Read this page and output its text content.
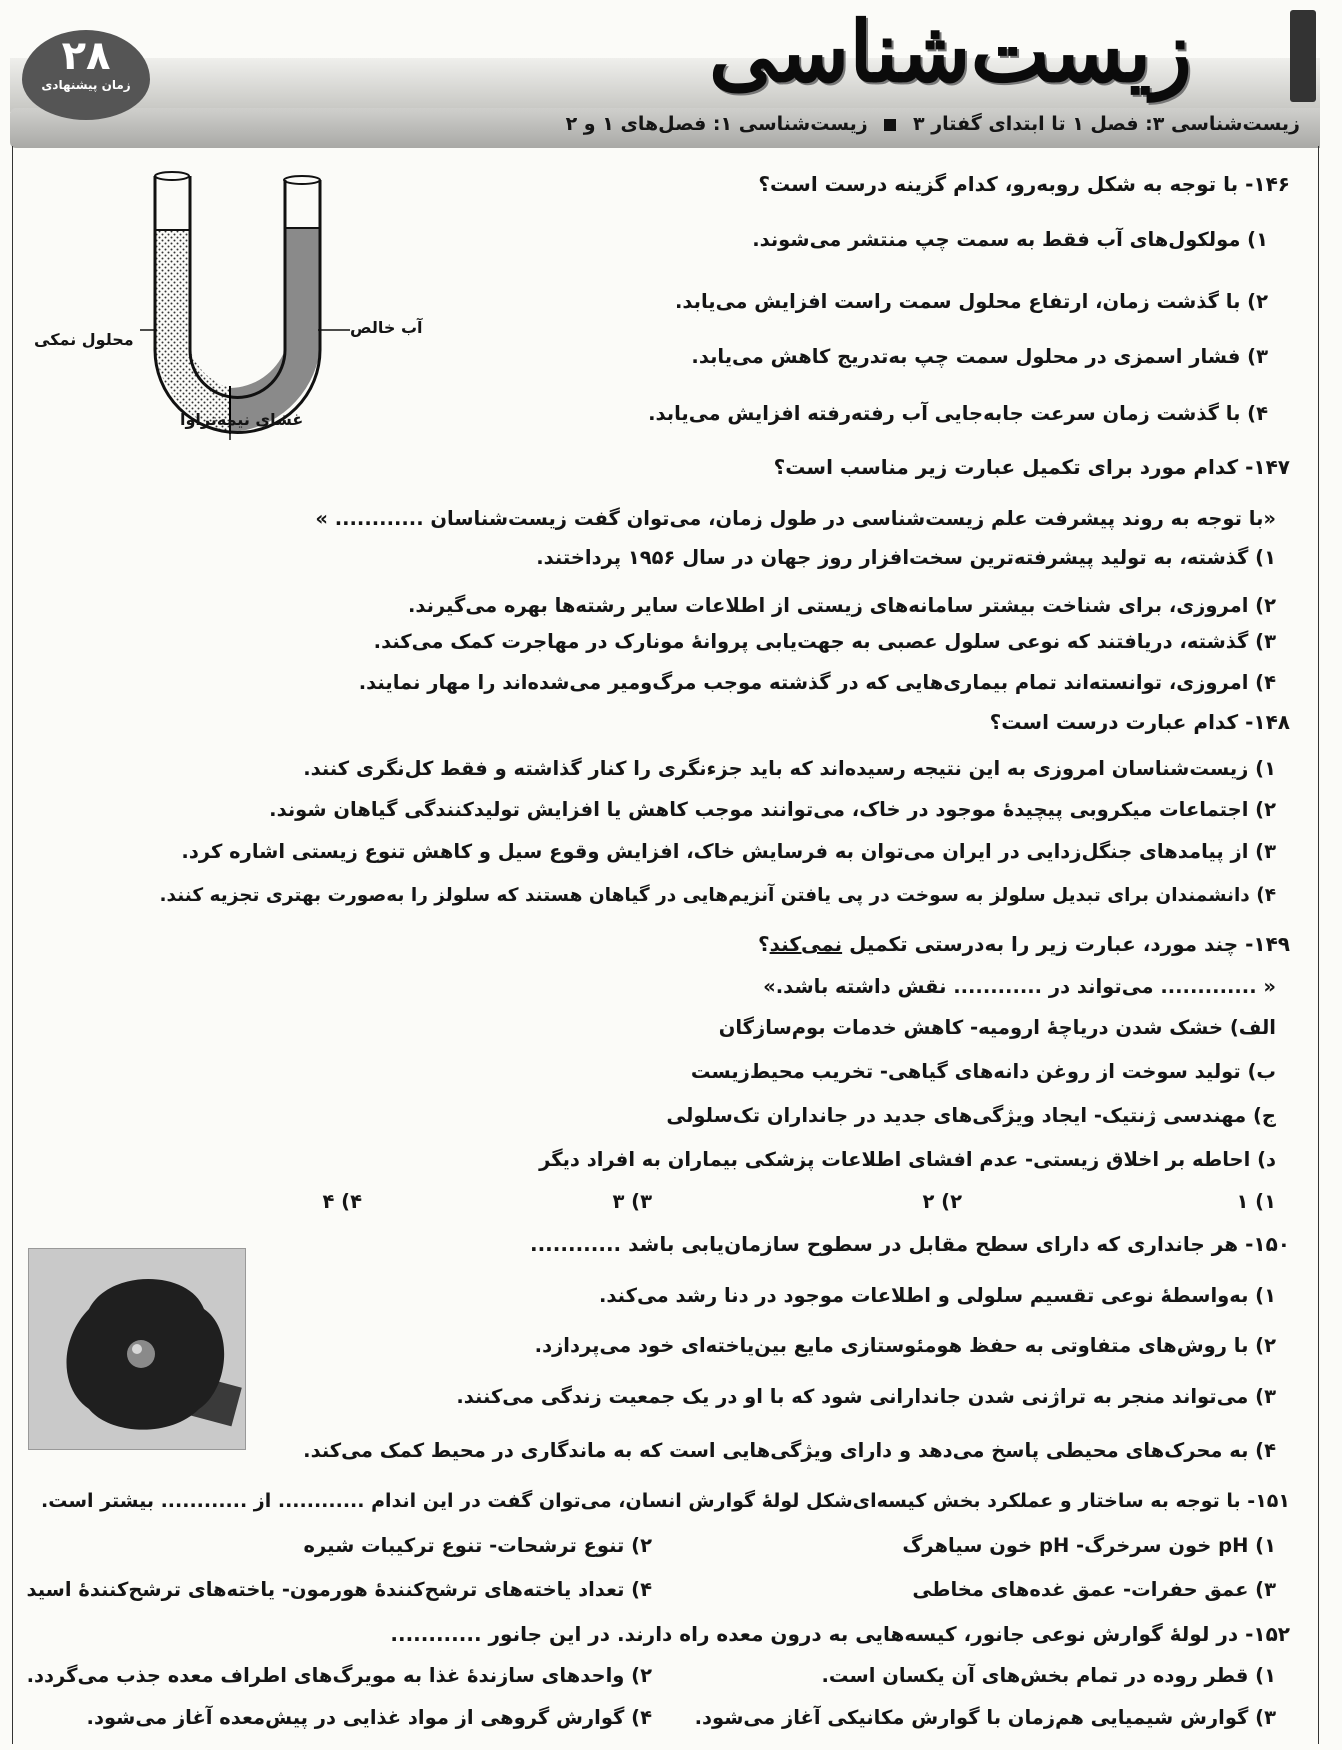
زیست‌شناسی
۲۸
زمان پیشنهادی
زیست‌شناسی ۳: فصل ۱ تا ابتدای گفتار ۳  زیست‌شناسی ۱: فصل‌های ۱ و ۲
آب خالص
محلول نمکی
غشای نیمه‌تراوا
۱۴۶- با توجه به شکل روبه‌رو، کدام گزینه درست است؟
۱) مولکول‌های آب فقط به سمت چپ منتشر می‌شوند.
۲) با گذشت زمان، ارتفاع محلول سمت راست افزایش می‌یابد.
۳) فشار اسمزی در محلول سمت چپ به‌تدریج کاهش می‌یابد.
۴) با گذشت زمان سرعت جابه‌جایی آب رفته‌رفته افزایش می‌یابد.
۱۴۷- کدام مورد برای تکمیل عبارت زیر مناسب است؟
«با توجه به روند پیشرفت علم زیست‌شناسی در طول زمان، می‌توان گفت زیست‌شناسان ............ »
۱) گذشته، به تولید پیشرفته‌ترین سخت‌افزار روز جهان در سال ۱۹۵۶ پرداختند.
۲) امروزی، برای شناخت بیشتر سامانه‌های زیستی از اطلاعات سایر رشته‌ها بهره می‌گیرند.
۳) گذشته، دریافتند که نوعی سلول عصبی به جهت‌یابی پروانهٔ مونارک در مهاجرت کمک می‌کند.
۴) امروزی، توانسته‌اند تمام بیماری‌هایی که در گذشته موجب مرگ‌ومیر می‌شده‌اند را مهار نمایند.
۱۴۸- کدام عبارت درست است؟
۱) زیست‌شناسان امروزی به این نتیجه رسیده‌اند که باید جزءنگری را کنار گذاشته و فقط کل‌نگری کنند.
۲) اجتماعات میکروبی پیچیدهٔ موجود در خاک، می‌توانند موجب کاهش یا افزایش تولیدکنندگی گیاهان شوند.
۳) از پیامدهای جنگل‌زدایی در ایران می‌توان به فرسایش خاک، افزایش وقوع سیل و کاهش تنوع زیستی اشاره کرد.
۴) دانشمندان برای تبدیل سلولز به سوخت در پی یافتن آنزیم‌هایی در گیاهان هستند که سلولز را به‌صورت بهتری تجزیه کنند.
۱۴۹- چند مورد، عبارت زیر را به‌درستی تکمیل نمی‌کند؟
« ............. می‌تواند در ............ نقش داشته باشد.»
الف) خشک شدن دریاچهٔ ارومیه- کاهش خدمات بوم‌سازگان
ب) تولید سوخت از روغن دانه‌های گیاهی- تخریب محیط‌زیست
ج) مهندسی ژنتیک- ایجاد ویژگی‌های جدید در جانداران تک‌سلولی
د) احاطه بر اخلاق زیستی- عدم افشای اطلاعات پزشکی بیماران به افراد دیگر
۱) ۱
۲) ۲
۳) ۳
۴) ۴
۱۵۰- هر جانداری که دارای سطح مقابل در سطوح سازمان‌یابی باشد ............
۱) به‌واسطهٔ نوعی تقسیم سلولی و اطلاعات موجود در دنا رشد می‌کند.
۲) با روش‌های متفاوتی به حفظ هومئوستازی مایع بین‌یاخته‌ای خود می‌پردازد.
۳) می‌تواند منجر به تراژنی شدن جاندارانی شود که با او در یک جمعیت زندگی می‌کنند.
۴) به محرک‌های محیطی پاسخ می‌دهد و دارای ویژگی‌هایی است که به ماندگاری در محیط کمک می‌کند.
۱۵۱- با توجه به ساختار و عملکرد بخش کیسه‌ای‌شکل لولهٔ گوارش انسان، می‌توان گفت در این اندام ............ از ............ بیشتر است.
۱) pH خون سرخرگ- pH خون سیاهرگ
۲) تنوع ترشحات- تنوع ترکیبات شیره
۳) عمق حفرات- عمق غده‌های مخاطی
۴) تعداد یاخته‌های ترشح‌کنندهٔ هورمون- یاخته‌های ترشح‌کنندهٔ اسید
۱۵۲- در لولهٔ گوارش نوعی جانور، کیسه‌هایی به درون معده راه دارند. در این جانور ............
۱) قطر روده در تمام بخش‌های آن یکسان است.
۲) واحدهای سازندهٔ غذا به مویرگ‌های اطراف معده جذب می‌گردد.
۳) گوارش شیمیایی هم‌زمان با گوارش مکانیکی آغاز می‌شود.
۴) گوارش گروهی از مواد غذایی در پیش‌معده آغاز می‌شود.
